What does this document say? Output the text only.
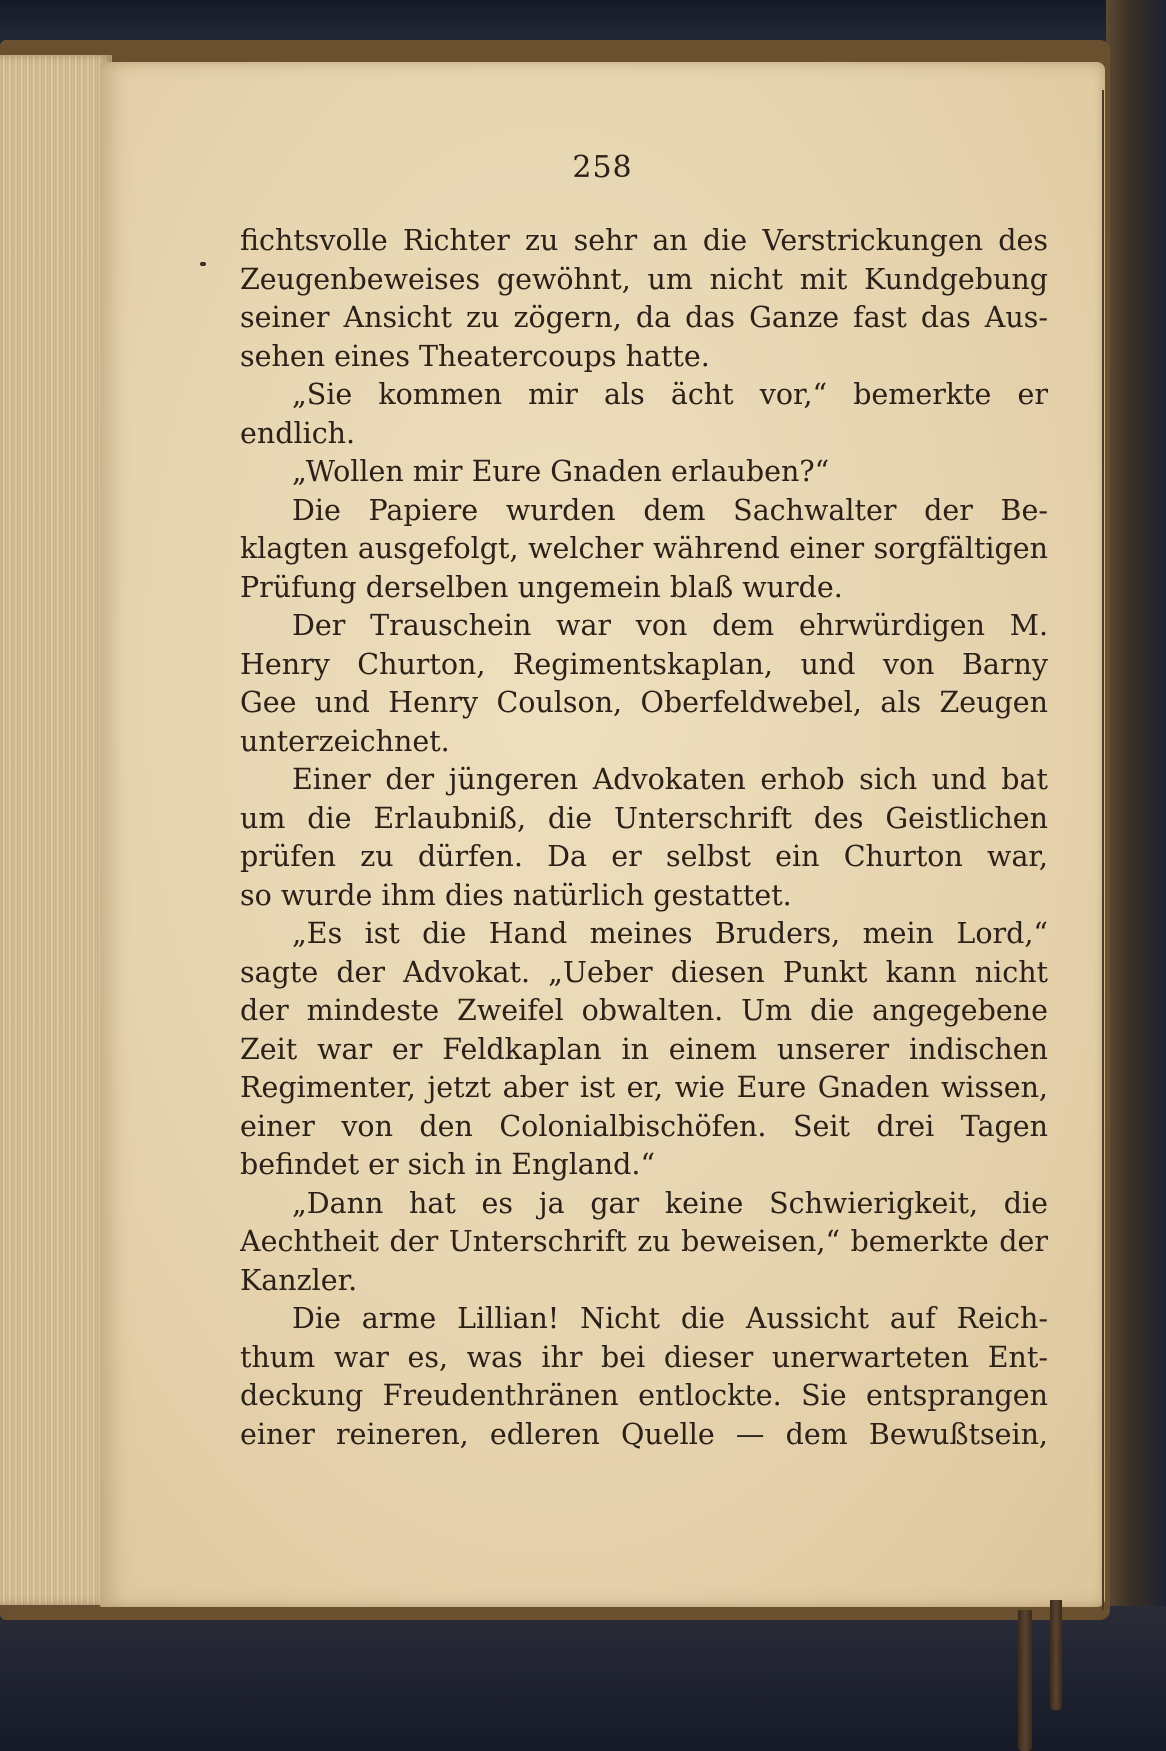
258
fichtsvolle Richter zu sehr an die Verstrickungen des
Zeugenbeweises gewöhnt, um nicht mit Kundgebung
seiner Ansicht zu zögern, da das Ganze fast das Aus-
sehen eines Theatercoups hatte.
„Sie kommen mir als ächt vor,“ bemerkte er
endlich.
„Wollen mir Eure Gnaden erlauben?“
Die Papiere wurden dem Sachwalter der Be-
klagten ausgefolgt, welcher während einer sorgfältigen
Prüfung derselben ungemein blaß wurde.
Der Trauschein war von dem ehrwürdigen M.
Henry Churton, Regimentskaplan, und von Barny
Gee und Henry Coulson, Oberfeldwebel, als Zeugen
unterzeichnet.
Einer der jüngeren Advokaten erhob sich und bat
um die Erlaubniß, die Unterschrift des Geistlichen
prüfen zu dürfen. Da er selbst ein Churton war,
so wurde ihm dies natürlich gestattet.
„Es ist die Hand meines Bruders, mein Lord,“
sagte der Advokat. „Ueber diesen Punkt kann nicht
der mindeste Zweifel obwalten. Um die angegebene
Zeit war er Feldkaplan in einem unserer indischen
Regimenter, jetzt aber ist er, wie Eure Gnaden wissen,
einer von den Colonialbischöfen. Seit drei Tagen
befindet er sich in England.“
„Dann hat es ja gar keine Schwierigkeit, die
Aechtheit der Unterschrift zu beweisen,“ bemerkte der
Kanzler.
Die arme Lillian! Nicht die Aussicht auf Reich-
thum war es, was ihr bei dieser unerwarteten Ent-
deckung Freudenthränen entlockte. Sie entsprangen
einer reineren, edleren Quelle — dem Bewußtsein,
